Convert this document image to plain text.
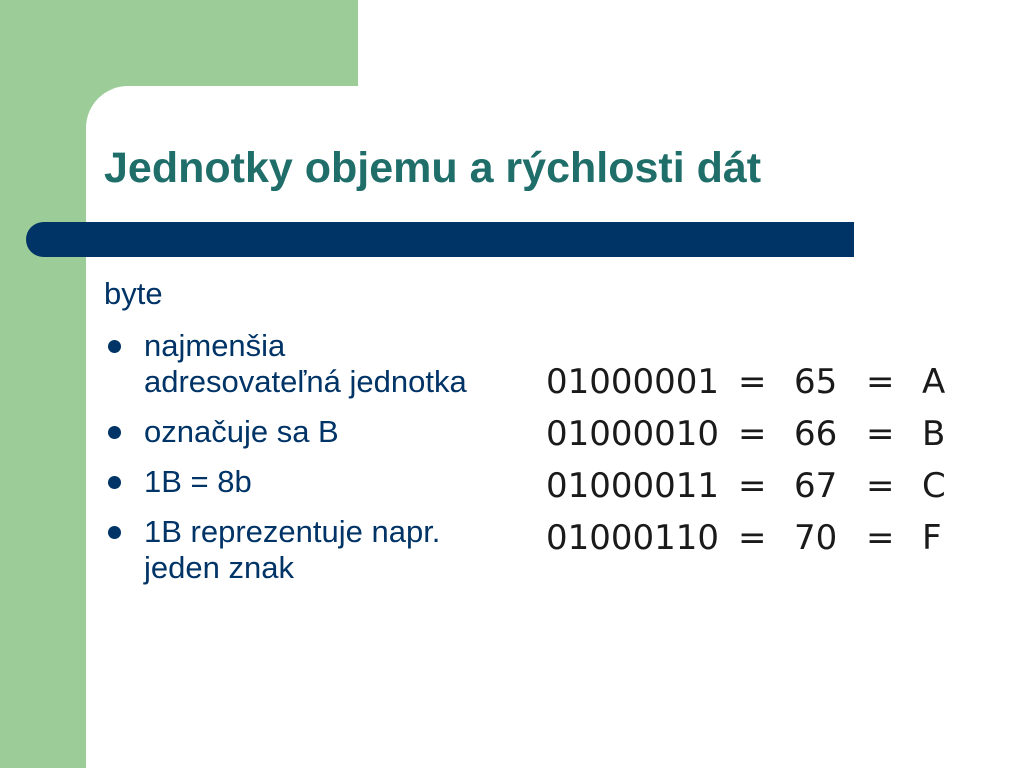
Jednotky objemu a rýchlosti dát

byte

najmenšia adresovateľná jednotka
označuje sa B
1B = 8b
1B reprezentuje napr. jeden znak
01000001	=	65	=	A
01000010	=	66	=	B
01000011	=	67	=	C
01000110	=	70	=	F
